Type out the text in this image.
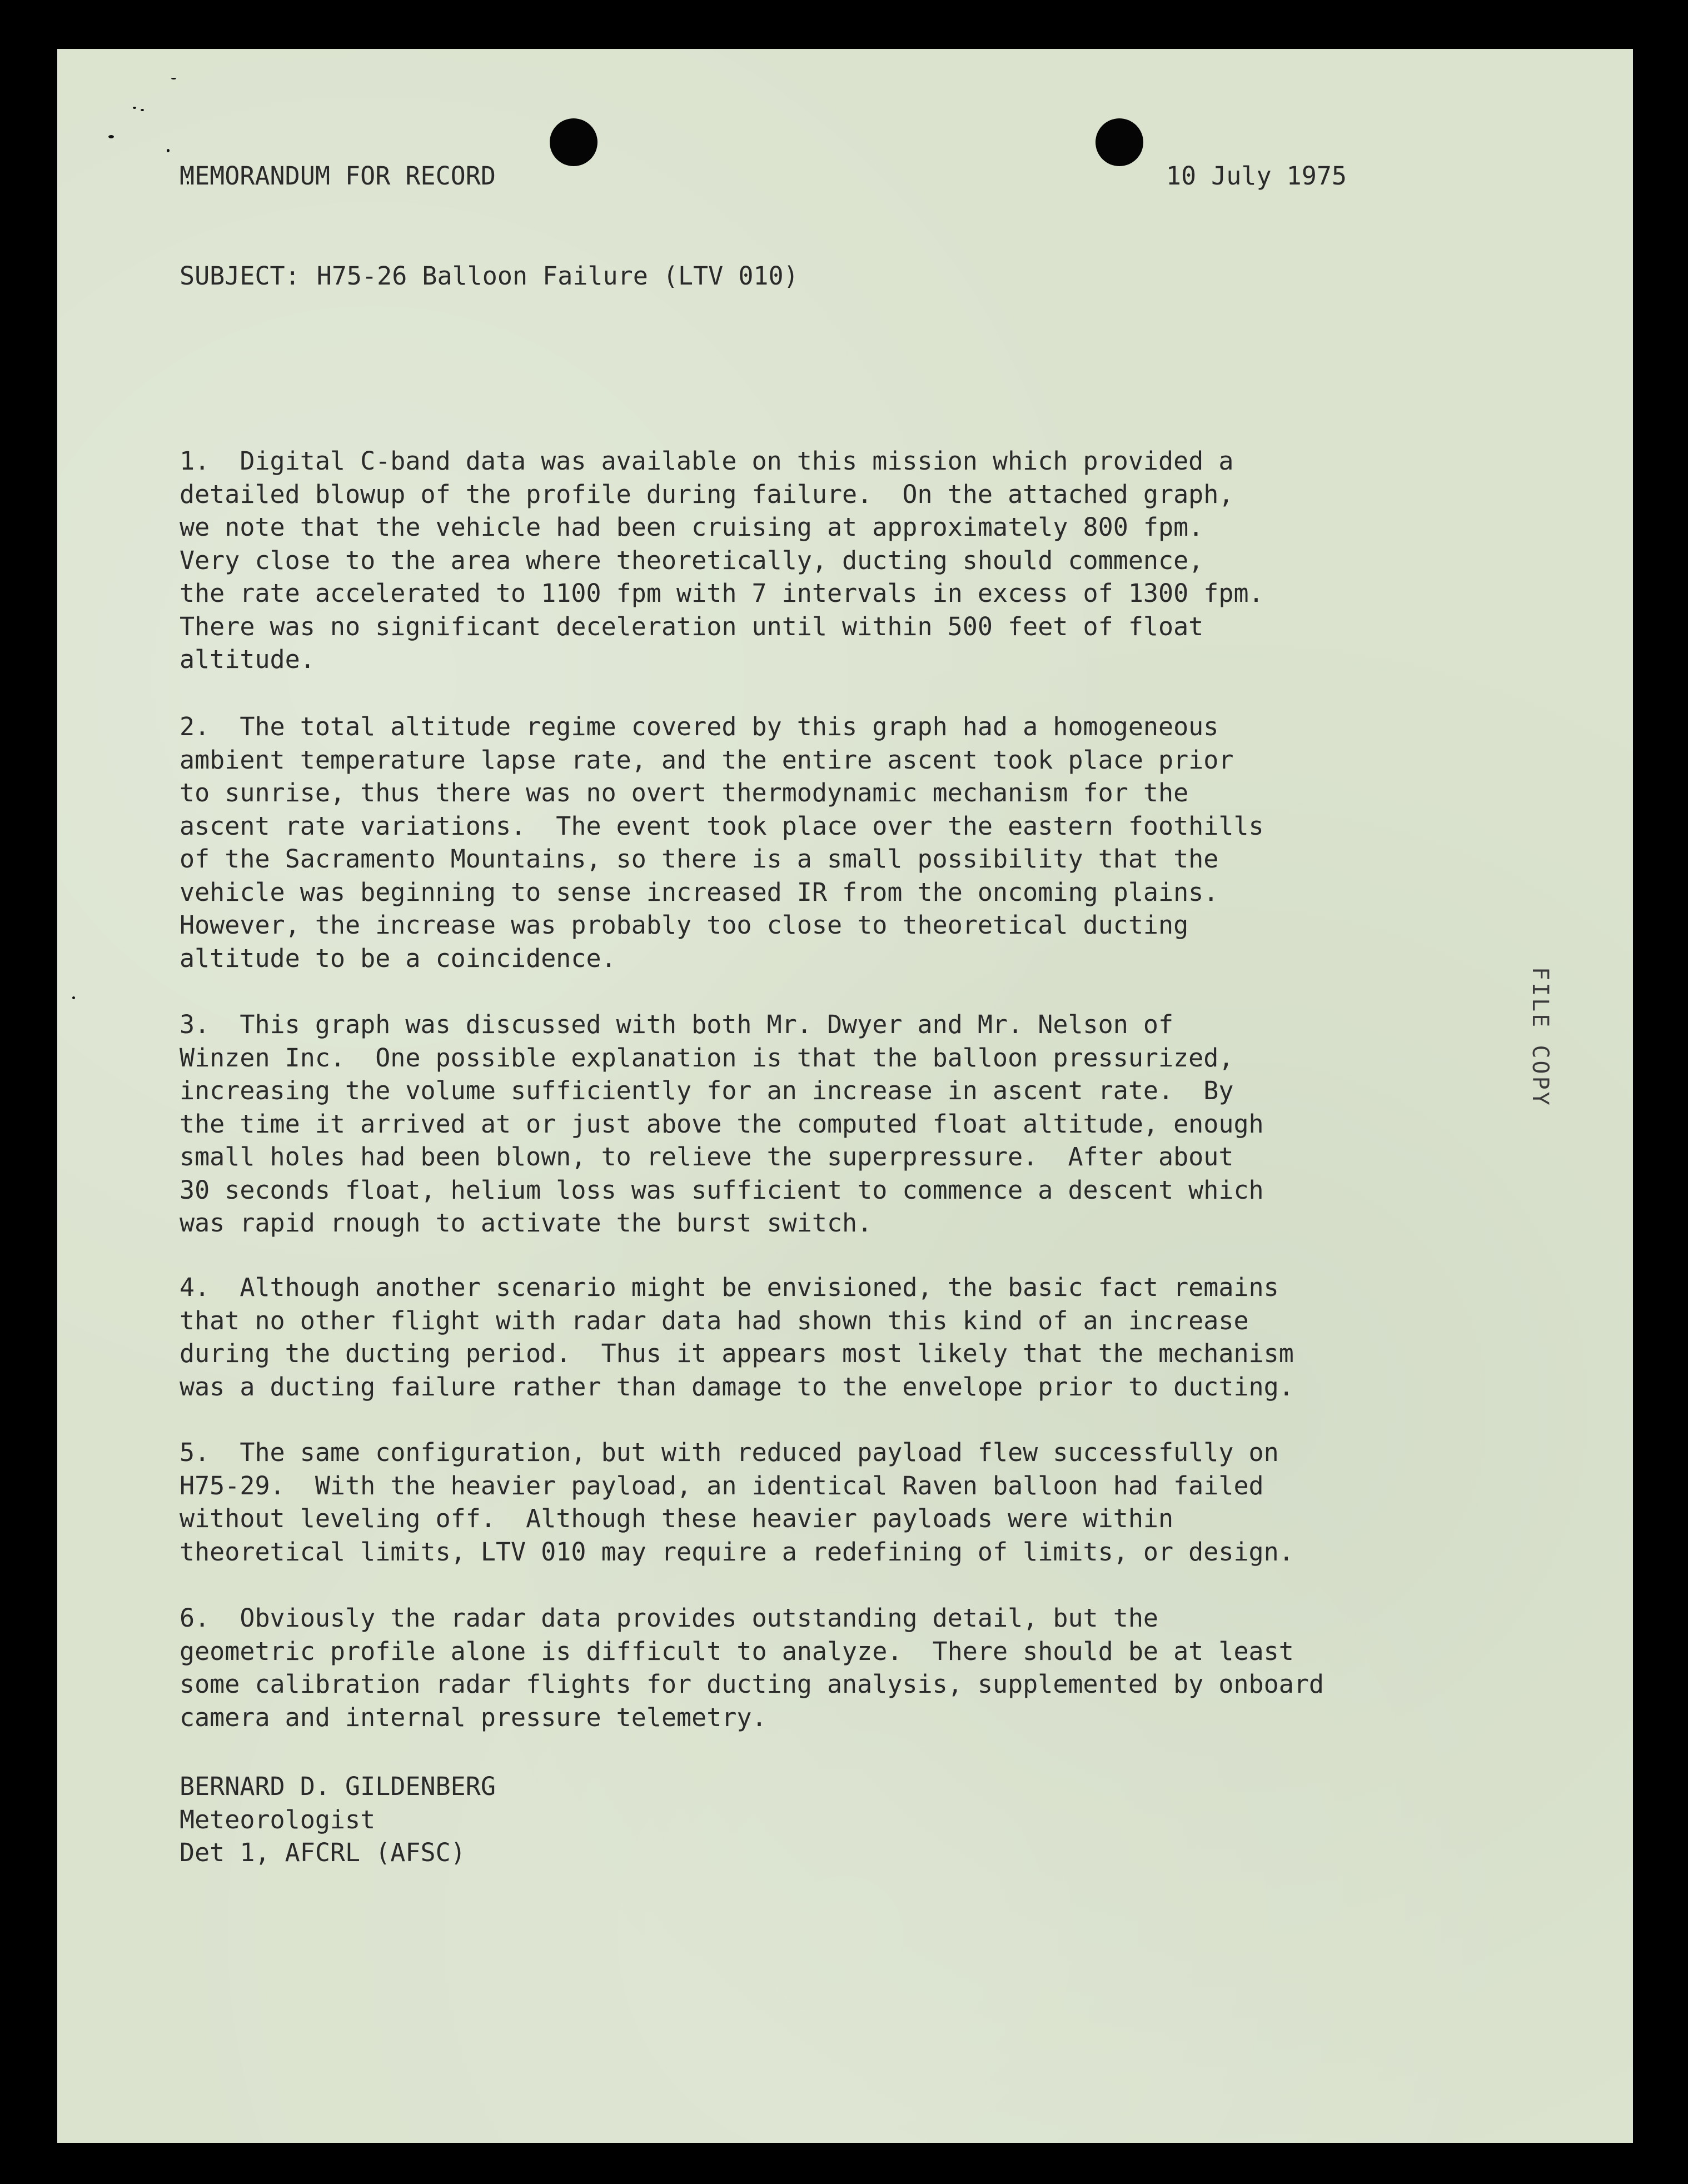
MEMORANDUM FOR RECORD	10 July 1975
SUBJECT: H75-26 Balloon Failure (LTV 010)
1.  Digital C-band data was available on this mission which provided a
detailed blowup of the profile during failure.  On the attached graph,
we note that the vehicle had been cruising at approximately 800 fpm.
Very close to the area where theoretically, ducting should commence,
the rate accelerated to 1100 fpm with 7 intervals in excess of 1300 fpm.
There was no significant deceleration until within 500 feet of float
altitude.
2.  The total altitude regime covered by this graph had a homogeneous
ambient temperature lapse rate, and the entire ascent took place prior
to sunrise, thus there was no overt thermodynamic mechanism for the
ascent rate variations.  The event took place over the eastern foothills
of the Sacramento Mountains, so there is a small possibility that the
vehicle was beginning to sense increased IR from the oncoming plains.
However, the increase was probably too close to theoretical ducting
altitude to be a coincidence.
3.  This graph was discussed with both Mr. Dwyer and Mr. Nelson of
Winzen Inc.  One possible explanation is that the balloon pressurized,
increasing the volume sufficiently for an increase in ascent rate.  By
the time it arrived at or just above the computed float altitude, enough
small holes had been blown, to relieve the superpressure.  After about
30 seconds float, helium loss was sufficient to commence a descent which
was rapid rnough to activate the burst switch.
4.  Although another scenario might be envisioned, the basic fact remains
that no other flight with radar data had shown this kind of an increase
during the ducting period.  Thus it appears most likely that the mechanism
was a ducting failure rather than damage to the envelope prior to ducting.
5.  The same configuration, but with reduced payload flew successfully on
H75-29.  With the heavier payload, an identical Raven balloon had failed
without leveling off.  Although these heavier payloads were within
theoretical limits, LTV 010 may require a redefining of limits, or design.
6.  Obviously the radar data provides outstanding detail, but the
geometric profile alone is difficult to analyze.  There should be at least
some calibration radar flights for ducting analysis, supplemented by onboard
camera and internal pressure telemetry.
BERNARD D. GILDENBERG
Meteorologist
Det 1, AFCRL (AFSC)
FILE COPY
